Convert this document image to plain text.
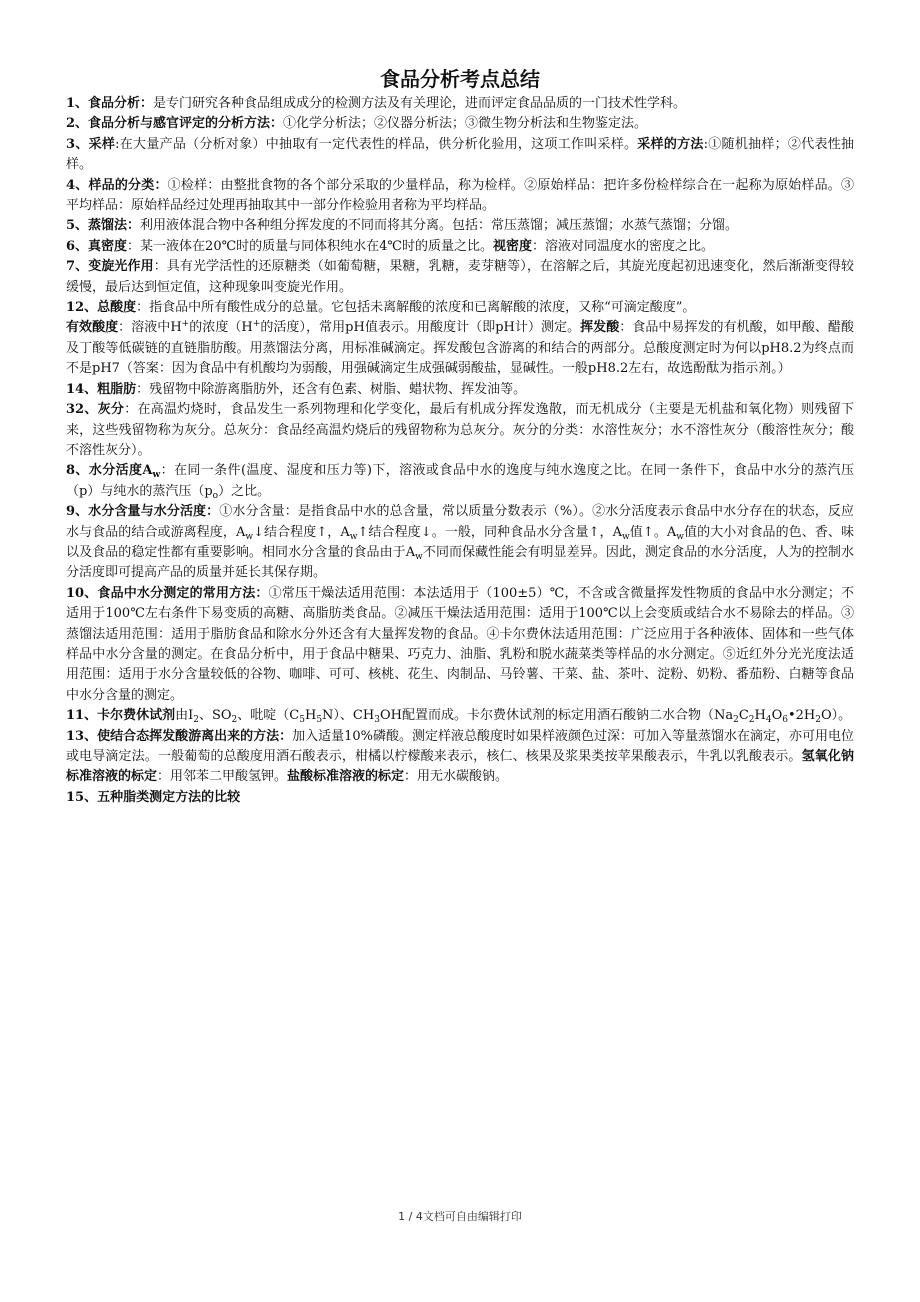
食品分析考点总结

1、食品分析：是专门研究各种食品组成成分的检测方法及有关理论，进而评定食品品质的一门技术性学科。

2、食品分析与感官评定的分析方法：①化学分析法；②仪器分析法；③微生物分析法和生物鉴定法。

3、采样:在大量产品（分析对象）中抽取有一定代表性的样品，供分析化验用，这项工作叫采样。采样的方法:①随机抽样；②代表性抽样。

4、样品的分类：①检样：由整批食物的各个部分采取的少量样品，称为检样。②原始样品：把许多份检样综合在一起称为原始样品。③平均样品：原始样品经过处理再抽取其中一部分作检验用者称为平均样品。

5、蒸馏法：利用液体混合物中各种组分挥发度的不同而将其分离。包括：常压蒸馏；减压蒸馏；水蒸气蒸馏；分馏。

6、真密度：某一液体在20℃时的质量与同体积纯水在4℃时的质量之比。视密度：溶液对同温度水的密度之比。

7、变旋光作用：具有光学活性的还原糖类（如葡萄糖，果糖，乳糖，麦芽糖等），在溶解之后，其旋光度起初迅速变化，然后渐渐变得较缓慢，最后达到恒定值，这种现象叫变旋光作用。

12、总酸度：指食品中所有酸性成分的总量。它包括未离解酸的浓度和已离解酸的浓度，又称“可滴定酸度”。

有效酸度：溶液中H+的浓度（H+的活度），常用pH值表示。用酸度计（即pH计）测定。挥发酸：食品中易挥发的有机酸，如甲酸、醋酸及丁酸等低碳链的直链脂肪酸。用蒸馏法分离，用标准碱滴定。挥发酸包含游离的和结合的两部分。总酸度测定时为何以pH8.2为终点而不是pH7（答案：因为食品中有机酸均为弱酸，用强碱滴定生成强碱弱酸盐，显碱性。一般pH8.2左右，故选酚酞为指示剂。）

14、粗脂肪：残留物中除游离脂肪外，还含有色素、树脂、蜡状物、挥发油等。

32、灰分：在高温灼烧时，食品发生一系列物理和化学变化，最后有机成分挥发逸散，而无机成分（主要是无机盐和氧化物）则残留下来，这些残留物称为灰分。总灰分：食品经高温灼烧后的残留物称为总灰分。灰分的分类：水溶性灰分；水不溶性灰分（酸溶性灰分；酸不溶性灰分）。

8、水分活度$A_w$：在同一条件(温度、湿度和压力等)下，溶液或食品中水的逸度与纯水逸度之比。在同一条件下，食品中水分的蒸汽压（p）与纯水的蒸汽压$(p_o)$之比。

9、水分含量与水分活度：①水分含量：是指食品中水的总含量，常以质量分数表示（%）。②水分活度表示食品中水分存在的状态，反应水与食品的结合或游离程度，$A_w↓$结合程度↑，$A_w↑$结合程度↓。一般，同种食品水分含量↑，$A_w$值↑。$A_w$值的大小对食品的色、香、味以及食品的稳定性都有重要影响。相同水分含量的食品由于$A_w$不同而保藏性能会有明显差异。因此，测定食品的水分活度，人为的控制水分活度即可提高产品的质量并延长其保存期。

10、食品中水分测定的常用方法：①常压干燥法适用范围：本法适用于（100±5）℃，不含或含微量挥发性物质的食品中水分测定；不适用于100℃左右条件下易变质的高糖、高脂肪类食品。②减压干燥法适用范围：适用于100℃以上会变质或结合水不易除去的样品。③蒸馏法适用范围：适用于脂肪食品和除水分外还含有大量挥发物的食品。④卡尔费休法适用范围：广泛应用于各种液体、固体和一些气体样品中水分含量的测定。在食品分析中，用于食品中糖果、巧克力、油脂、乳粉和脱水蔬菜类等样品的水分测定。⑤近红外分光光度法适用范围：适用于水分含量较低的谷物、咖啡、可可、核桃、花生、肉制品、马铃薯、干菜、盐、茶叶、淀粉、奶粉、番茄粉、白糖等食品中水分含量的测定。

11、卡尔费休试剂由$I_2$、$SO_2$、吡啶$(C_5H_5N)$、$CH_3OH$配置而成。卡尔费休试剂的标定用酒石酸钠二水合物$(Na_2C_2H_4O_6•2H_2O)$。

13、使结合态挥发酸游离出来的方法：加入适量10%磷酸。测定样液总酸度时如果样液颜色过深：可加入等量蒸馏水在滴定，亦可用电位或电导滴定法。一般葡萄的总酸度用酒石酸表示，柑橘以柠檬酸来表示，核仁、核果及浆果类按苹果酸表示，牛乳以乳酸表示。氢氧化钠标准溶液的标定：用邻苯二甲酸氢钾。盐酸标准溶液的标定：用无水碳酸钠。

15、五种脂类测定方法的比较

1 / 4文档可自由编辑打印
